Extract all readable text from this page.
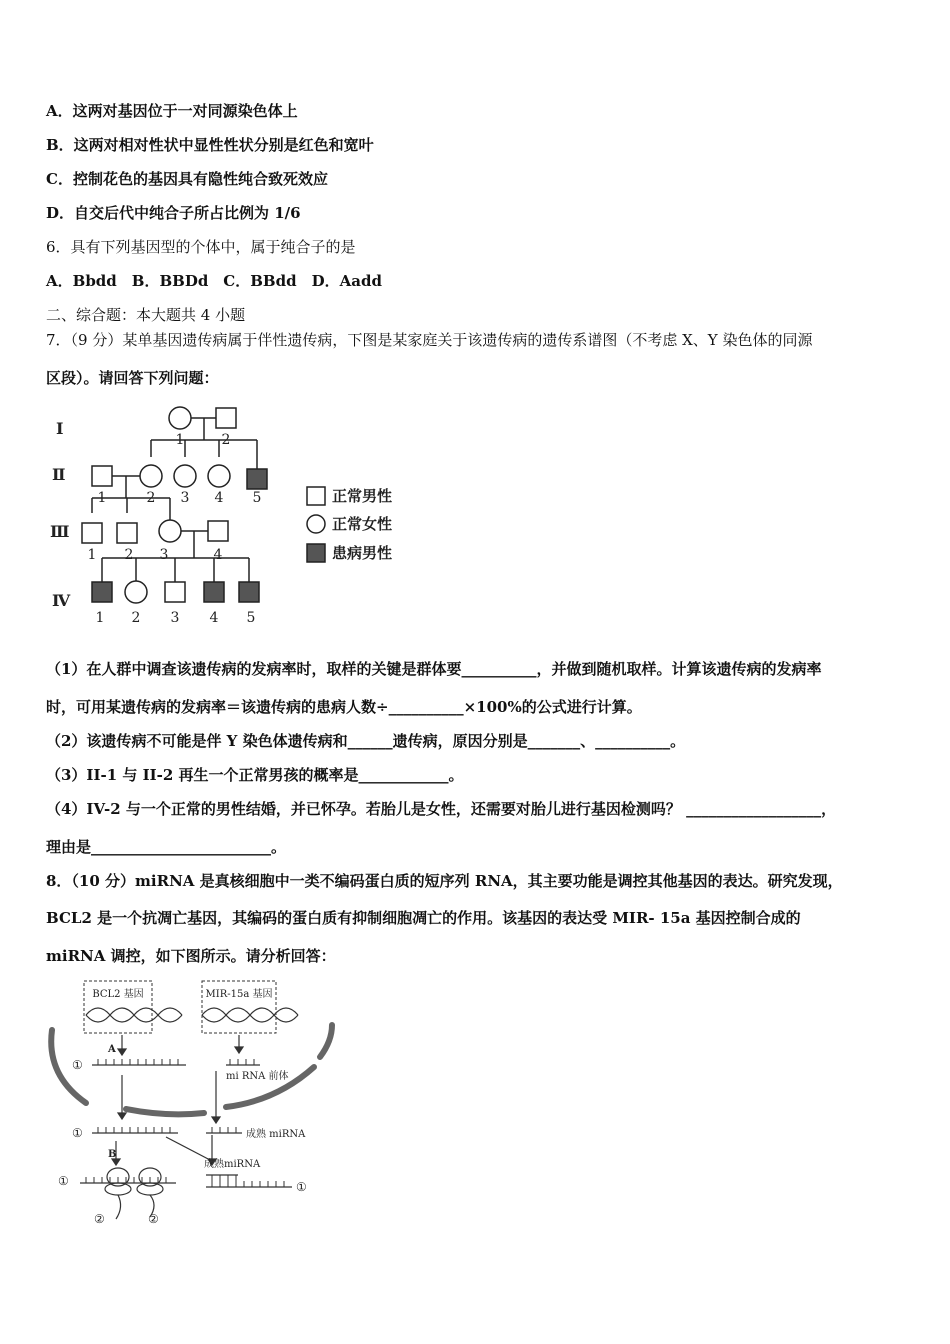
A．这两对基因位于一对同源染色体上
B．这两对相对性状中显性性状分别是红色和宽叶
C．控制花色的基因具有隐性纯合致死效应
D．自交后代中纯合子所占比例为 1/6
6．具有下列基因型的个体中，属于纯合子的是
A．Bbdd　B．BBDd　C．BBdd　D．Aadd
二、综合题：本大题共 4 小题
7．（9 分）某单基因遗传病属于伴性遗传病，下图是某家庭关于该遗传病的遗传系谱图（不考虑 X、Y 染色体的同源
区段）。请回答下列问题：
Ⅰ
Ⅱ
Ⅲ
Ⅳ
1	2
1	2 3 4 5
1 2 3	4
1 2 3 4 5
正常男性
正常女性
患病男性
（1）在人群中调查该遗传病的发病率时，取样的关键是群体要__________，并做到随机取样。计算该遗传病的发病率
时，可用某遗传病的发病率＝该遗传病的患病人数÷__________×100%的公式进行计算。
（2）该遗传病不可能是伴 Y 染色体遗传病和______遗传病，原因分别是_______、__________。
（3）II-1 与 II-2 再生一个正常男孩的概率是____________。
（4）IV-2 与一个正常的男性结婚，并已怀孕。若胎儿是女性，还需要对胎儿进行基因检测吗？ __________________，
理由是________________________。
8．（10 分）miRNA 是真核细胞中一类不编码蛋白质的短序列 RNA，其主要功能是调控其他基因的表达。研究发现，
BCL2 是一个抗凋亡基因，其编码的蛋白质有抑制细胞凋亡的作用。该基因的表达受 MIR- 15a 基因控制合成的
miRNA 调控，如下图所示。请分析回答：
BCL2 基因	MIR-15a 基因
A
B
mi RNA 前体
成熟 miRNA
成熟miRNA
①
①
①	①
②	②
